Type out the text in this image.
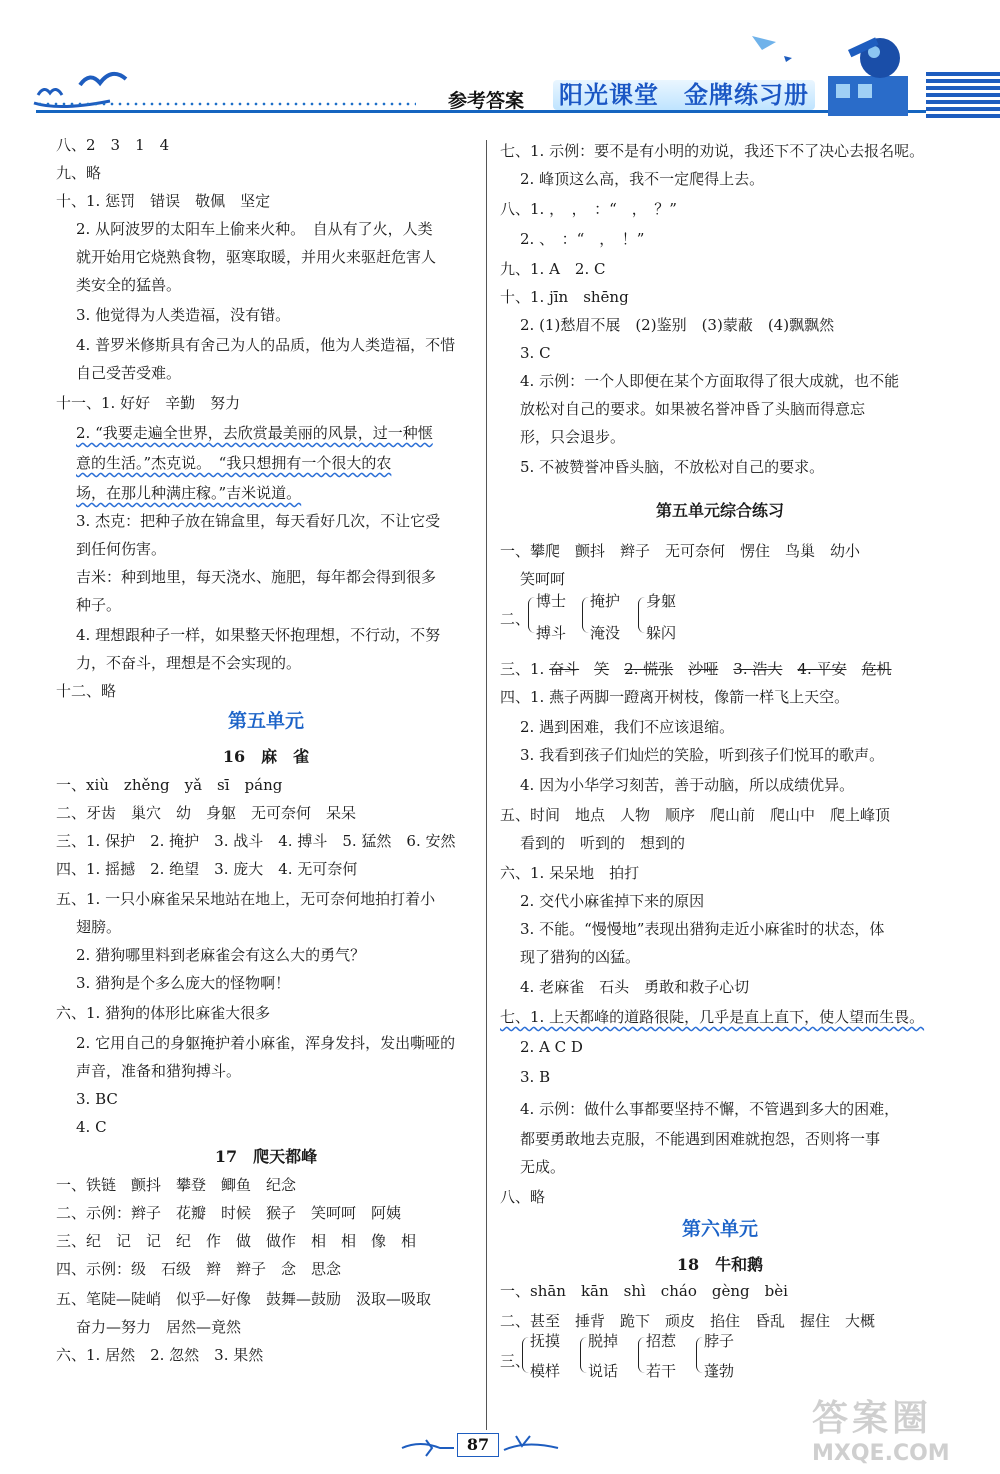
参考答案 阳光课堂　金牌练习册
八、2　3　1　4
九、略
十、1. 惩罚　错误　敬佩　坚定
2. 从阿波罗的太阳车上偷来火种。　自从有了火，人类
就开始用它烧熟食物，驱寒取暖，并用火来驱赶危害人
类安全的猛兽。
3. 他觉得为人类造福，没有错。
4. 普罗米修斯具有舍己为人的品质，他为人类造福，不惜
自己受苦受难。
十一、1. 好好　辛勤　努力
2. “我要走遍全世界，去欣赏最美丽的风景，过一种惬
意的生活。”杰克说。　“我只想拥有一个很大的农
场，在那儿种满庄稼。”吉米说道。
3. 杰克：把种子放在锦盒里，每天看好几次，不让它受
到任何伤害。
吉米：种到地里，每天浇水、施肥，每年都会得到很多
种子。
4. 理想跟种子一样，如果整天怀抱理想，不行动，不努
力，不奋斗，理想是不会实现的。
十二、略
第五单元
16　麻　雀
一、xiù　zhěng　yǎ　sī　páng
二、牙齿　巢穴　幼　身躯　无可奈何　呆呆
三、1. 保护　2. 掩护　3. 战斗　4. 搏斗　5. 猛然　6. 安然
四、1. 摇撼　2. 绝望　3. 庞大　4. 无可奈何
五、1. 一只小麻雀呆呆地站在地上，无可奈何地拍打着小
翅膀。
2. 猎狗哪里料到老麻雀会有这么大的勇气？
3. 猎狗是个多么庞大的怪物啊！
六、1. 猎狗的体形比麻雀大很多
2. 它用自己的身躯掩护着小麻雀，浑身发抖，发出嘶哑的
声音，准备和猎狗搏斗。
3. BC
4. C
17　爬天都峰
一、铁链　颤抖　攀登　鲫鱼　纪念
二、示例：辫子　花瓣　时候　猴子　笑呵呵　阿姨
三、纪　记　记　纪　作　做　做作　相　相　像　相
四、示例：级　石级　辫　辫子　念　思念
五、笔陡—陡峭　似乎—好像　鼓舞—鼓励　汲取—吸取
奋力—努力　居然—竟然
六、1. 居然　2. 忽然　3. 果然
七、1. 示例：要不是有小明的劝说，我还下不了决心去报名呢。
2. 峰顶这么高，我不一定爬得上去。
八、1. ，　，　：“　，　？”
2. 、　：“　，　！”
九、1. A　2. C
十、1. jīn　shēng
2. (1)愁眉不展　(2)鉴别　(3)蒙蔽　(4)飘飘然
3. C
4. 示例：一个人即便在某个方面取得了很大成就，也不能
放松对自己的要求。如果被名誉冲昏了头脑而得意忘
形，只会退步。
5. 不被赞誉冲昏头脑，不放松对自己的要求。
第五单元综合练习
一、攀爬　颤抖　辫子　无可奈何　愣住　鸟巢　幼小
笑呵呵
二、
博士
搏斗
掩护
淹没
身躯
躲闪
三、1. 奋斗　 笑　 2. 慌张　 沙哑　 3. 浩大　 4. 平安　 危机
四、1. 燕子两脚一蹬离开树枝，像箭一样飞上天空。
2. 遇到困难，我们不应该退缩。
3. 我看到孩子们灿烂的笑脸，听到孩子们悦耳的歌声。
4. 因为小华学习刻苦，善于动脑，所以成绩优异。
五、时间　地点　人物　顺序　爬山前　爬山中　爬上峰顶
看到的　听到的　想到的
六、1. 呆呆地　拍打
2. 交代小麻雀掉下来的原因
3. 不能。“慢慢地”表现出猎狗走近小麻雀时的状态，体
现了猎狗的凶猛。
4. 老麻雀　石头　勇敢和救子心切
七、1. 上天都峰的道路很陡，几乎是直上直下，使人望而生畏。
2. A C D
3. B
4. 示例：做什么事都要坚持不懈，不管遇到多大的困难，
都要勇敢地去克服，不能遇到困难就抱怨，否则将一事
无成。
八、略
第六单元
18　牛和鹅
一、shān　kān　shì　cháo　gèng　bèi
二、甚至　捶背　跪下　顽皮　掐住　昏乱　握住　大概
三、
抚摸
模样
脱掉
说话
招惹
若干
脖子
蓬勃
87
答案圈
MXQE.COM
